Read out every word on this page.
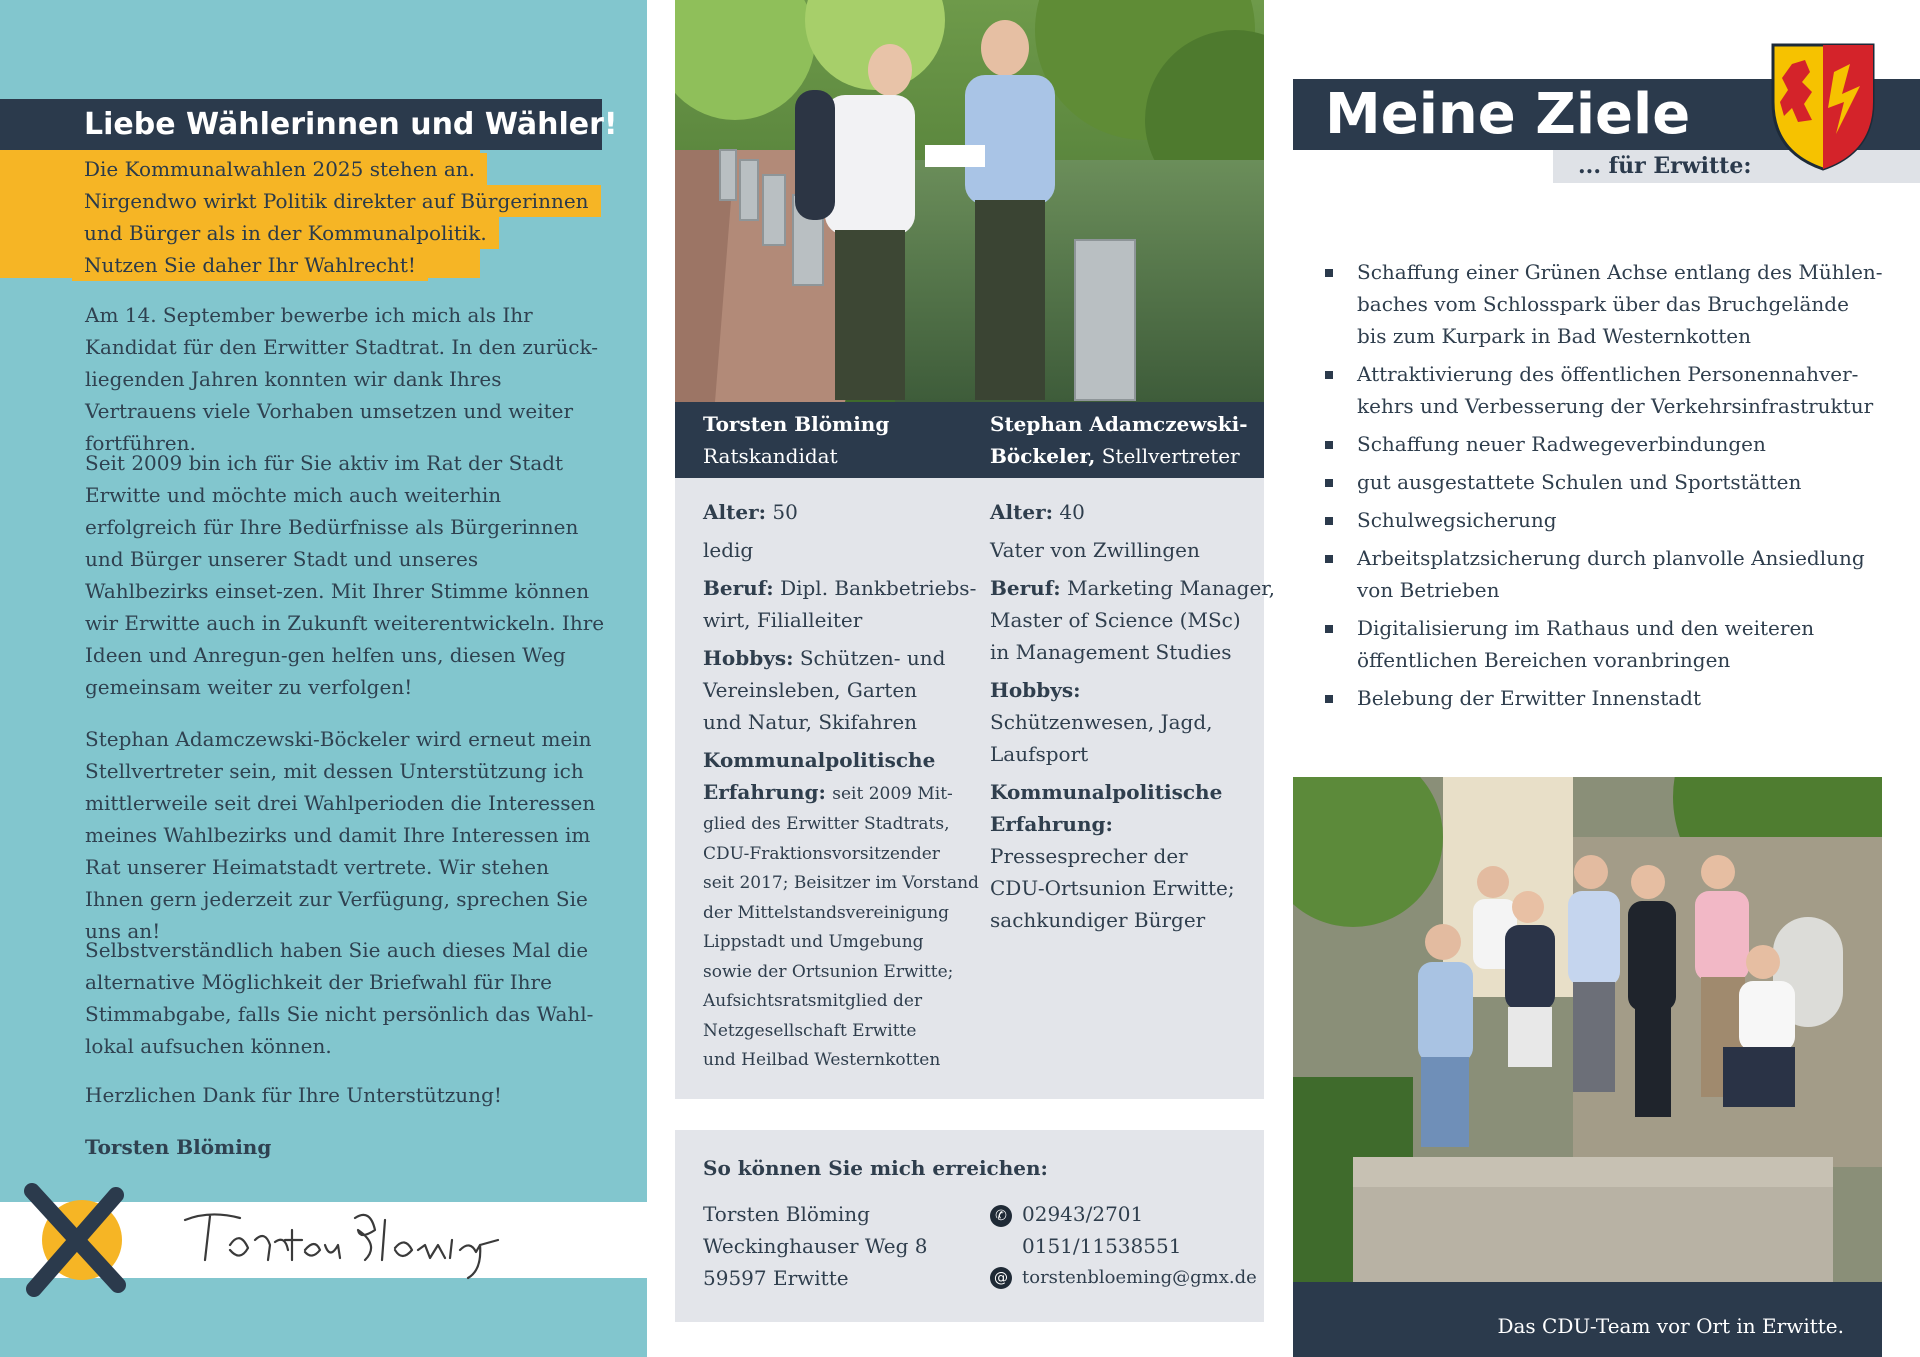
Liebe Wählerinnen und Wähler!
Die Kommunalwahlen 2025 stehen an.
Nirgendwo wirkt Politik direkter auf Bürgerinnen
und Bürger als in der Kommunalpolitik.
Nutzen Sie daher Ihr Wahlrecht!

Am 14. September bewerbe ich mich als Ihr Kandidat für den Erwitter Stadtrat. In den zurück-liegenden Jahren konnten wir dank Ihres Vertrauens viele Vorhaben umsetzen und weiter fortführen.

Seit 2009 bin ich für Sie aktiv im Rat der Stadt Erwitte und möchte mich auch weiterhin erfolgreich für Ihre Bedürfnisse als Bürgerinnen und Bürger unserer Stadt und unseres Wahlbezirks einset-zen. Mit Ihrer Stimme können wir Erwitte auch in Zukunft weiterentwickeln. Ihre Ideen und Anregun-gen helfen uns, diesen Weg gemeinsam weiter zu verfolgen!

Stephan Adamczewski-Böckeler wird erneut mein Stellvertreter sein, mit dessen Unterstützung ich mittlerweile seit drei Wahlperioden die Interessen meines Wahlbezirks und damit Ihre Interessen im Rat unserer Heimatstadt vertrete. Wir stehen Ihnen gern jederzeit zur Verfügung, sprechen Sie uns an!

Selbstverständlich haben Sie auch dieses Mal die alternative Möglichkeit der Briefwahl für Ihre Stimmabgabe, falls Sie nicht persönlich das Wahl-lokal aufsuchen können.

Herzlichen Dank für Ihre Unterstützung!

Torsten Blöming

Torsten Blöming
Ratskandidat
Stephan Adamczewski-
Böckeler, Stellvertreter

Alter: 50

ledig

Beruf: Dipl. Bankbetriebs-

wirt, Filialleiter

Hobbys: Schützen- und

Vereinsleben, Garten

und Natur, Skifahren

Kommunalpolitische

Erfahrung: seit 2009 Mit-

glied des Erwitter Stadtrats,

CDU-Fraktionsvorsitzender

seit 2017; Beisitzer im Vorstand

der Mittelstandsvereinigung

Lippstadt und Umgebung

sowie der Ortsunion Erwitte;

Aufsichtsratsmitglied der

Netzgesellschaft Erwitte

und Heilbad Westernkotten

Alter: 40

Vater von Zwillingen

Beruf: Marketing Manager,

Master of Science (MSc)

in Management Studies

Hobbys:

Schützenwesen, Jagd,

Laufsport

Kommunalpolitische

Erfahrung:

Pressesprecher der

CDU-Ortsunion Erwitte;

sachkundiger Bürger

So können Sie mich erreichen:

Torsten Blöming

Weckinghauser Weg 8

59597 Erwitte

✆ 02943/2701

0151/11538551

@ torstenbloeming@gmx.de

Meine Ziele
... für Erwitte:
Schaffung einer Grünen Achse entlang des Mühlen-
baches vom Schlosspark über das Bruchgelände
bis zum Kurpark in Bad Westernkotten
Attraktivierung des öffentlichen Personennahver-
kehrs und Verbesserung der Verkehrsinfrastruktur
Schaffung neuer Radwegeverbindungen
gut ausgestattete Schulen und Sportstätten
Schulwegsicherung
Arbeitsplatzsicherung durch planvolle Ansiedlung
von Betrieben
Digitalisierung im Rathaus und den weiteren
öffentlichen Bereichen voranbringen
Belebung der Erwitter Innenstadt
Das CDU-Team vor Ort in Erwitte.
